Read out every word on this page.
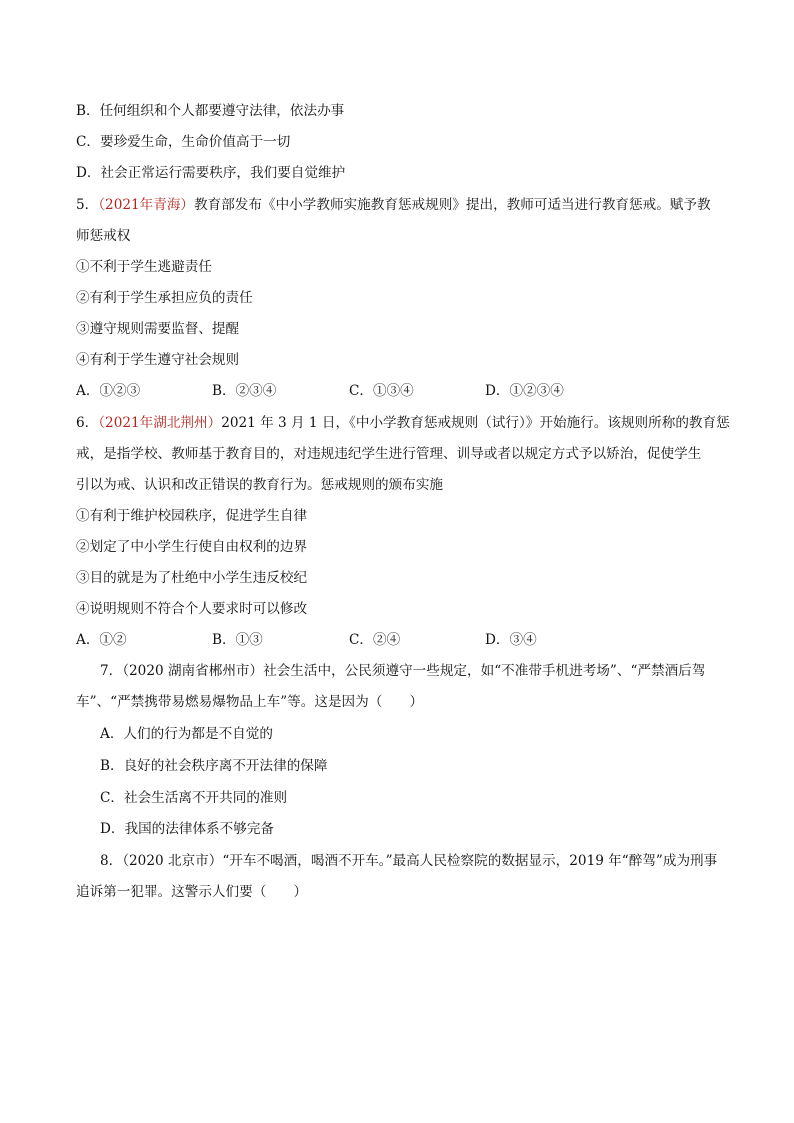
B．任何组织和个人都要遵守法律，依法办事
C．要珍爱生命，生命价值高于一切
D．社会正常运行需要秩序，我们要自觉维护
5．（2021年青海）教育部发布《中小学教师实施教育惩戒规则》提出，教师可适当进行教育惩戒。赋予教
师惩戒权
①不利于学生逃避责任
②有利于学生承担应负的责任
③遵守规则需要监督、提醒
④有利于学生遵守社会规则
A．①②③	B．②③④	C．①③④	D．①②③④
6．（2021年湖北荆州）2021 年 3 月 1 日，《中小学教育惩戒规则（试行）》开始施行。该规则所称的教育惩
戒，是指学校、教师基于教育目的，对违规违纪学生进行管理、训导或者以规定方式予以矫治，促使学生
引以为戒、认识和改正错误的教育行为。惩戒规则的颁布实施
①有利于维护校园秩序，促进学生自律
②划定了中小学生行使自由权利的边界
③目的就是为了杜绝中小学生违反校纪
④说明规则不符合个人要求时可以修改
A．①②	B．①③	C．②④	D．③④
7．（2020 湖南省郴州市）社会生活中，公民须遵守一些规定，如“不准带手机进考场”、“严禁酒后驾
车”、“严禁携带易燃易爆物品上车”等。这是因为（　　）
A．人们的行为都是不自觉的
B．良好的社会秩序离不开法律的保障
C．社会生活离不开共同的准则
D．我国的法律体系不够完备
8．（2020 北京市）“开车不喝酒，喝酒不开车。”最高人民检察院的数据显示，2019 年“醉驾”成为刑事
追诉第一犯罪。这警示人们要（　　）
